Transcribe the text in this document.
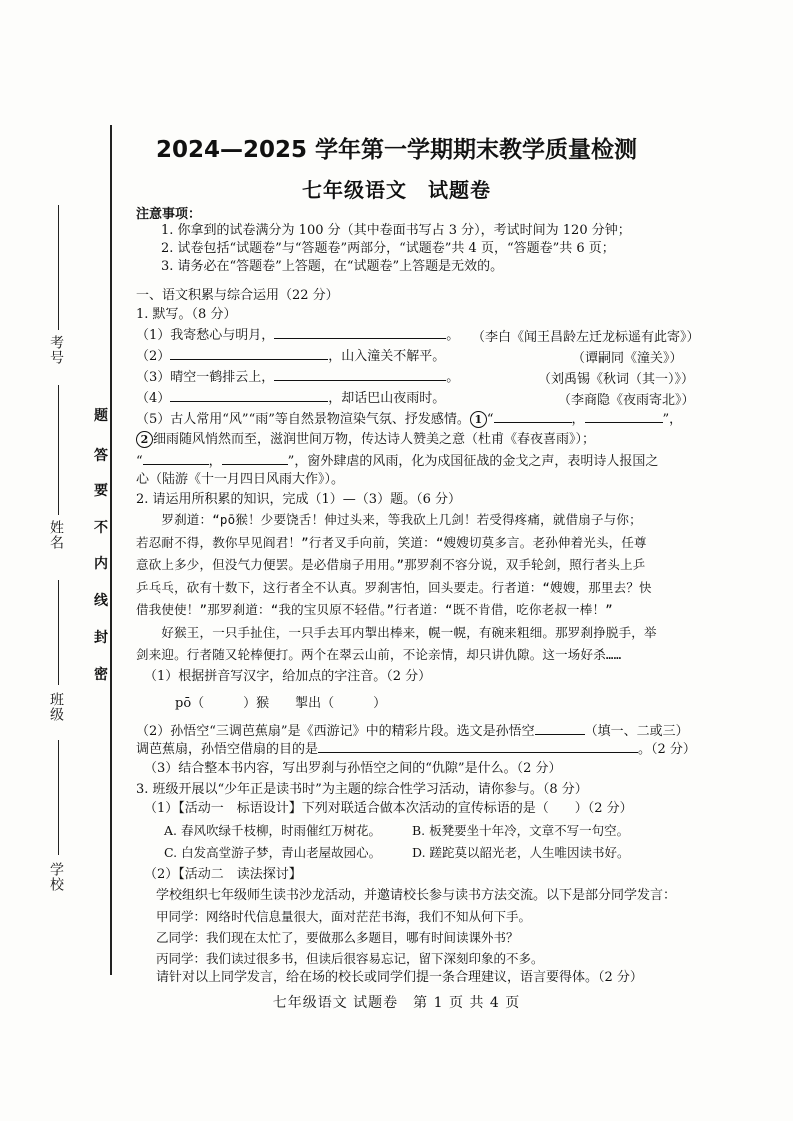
考号
姓名
班级
学校
题
答
要
不
内
线
封
密
2024—2025 学年第一学期期末教学质量检测
七年级语文　试题卷
注意事项：
1. 你拿到的试卷满分为 100 分（其中卷面书写占 3 分），考试时间为 120 分钟；
2. 试卷包括“试题卷”与“答题卷”两部分，“试题卷”共 4 页，“答题卷”共 6 页；
3. 请务必在“答题卷”上答题，在“试题卷”上答题是无效的。
一、语文积累与综合运用（22 分）
1. 默写。（8 分）
（1）我寄愁心与明月，	。 （李白《闻王昌龄左迁龙标遥有此寄》）
（2）	，山入潼关不解平。	（谭嗣同《潼关》）
（3）晴空一鹤排云上，	。	（刘禹锡《秋词（其一）》）
（4）	，却话巴山夜雨时。	（李商隐《夜雨寄北》）
（5）古人常用“风”“雨”等自然景物渲染气氛、抒发感情。 1 “	，	”，
2 细雨随风悄然而至，滋润世间万物，传达诗人赞美之意（杜甫《春夜喜雨》）；
“	，	”，窗外肆虐的风雨，化为戍国征战的金戈之声，表明诗人报国之
心（陆游《十一月四日风雨大作》）。
2. 请运用所积累的知识，完成（1）—（3）题。（6 分）

　　罗刹道：“pō猴！少要饶舌！伸过头来，等我砍上几剑！若受得疼痛，就借扇子与你；

若忍耐不得，教你早见阎君！”行者叉手向前，笑道：“嫂嫂切莫多言。老孙伸着光头，任尊

意砍上多少，但没气力便罢。是必借扇子用用。”那罗刹不容分说，双手轮剑，照行者头上乒

乒乓乓，砍有十数下，这行者全不认真。罗刹害怕，回头要走。行者道：“嫂嫂，那里去？快

借我使使！”那罗刹道：“我的宝贝原不轻借。”行者道：“既不肯借，吃你老叔一棒！”

　　好猴王，一只手扯住，一只手去耳内掣出棒来，幌一幌，有碗来粗细。那罗刹挣脱手，举

剑来迎。行者随又轮棒便打。两个在翠云山前，不论亲情，却只讲仇隙。这一场好杀……

（1）根据拼音写汉字，给加点的字注音。（2 分）
pō（　　　）猴　　掣出（　　　）
（2）孙悟空“三调芭蕉扇”是《西游记》中的精彩片段。选文是孙悟空	（填一、二或三）
调芭蕉扇，孙悟空借扇的目的是	。（2 分）
（3）结合整本书内容，写出罗刹与孙悟空之间的“仇隙”是什么。（2 分）
3. 班级开展以“少年正是读书时”为主题的综合性学习活动，请你参与。（8 分）
（1）【活动一　标语设计】下列对联适合做本次活动的宣传标语的是（　　）（2 分）
A. 春风吹绿千枝柳，时雨催红万树花。 B. 板凳要坐十年冷，文章不写一句空。
C. 白发高堂游子梦，青山老屋故园心。 D. 蹉跎莫以韶光老，人生唯因读书好。
（2）【活动二　读法探讨】
学校组织七年级师生读书沙龙活动，并邀请校长参与读书方法交流。以下是部分同学发言：
甲同学：网络时代信息量很大，面对茫茫书海，我们不知从何下手。
乙同学：我们现在太忙了，要做那么多题目，哪有时间读课外书？
丙同学：我们读过很多书，但读后很容易忘记，留下深刻印象的不多。
请针对以上同学发言，给在场的校长或同学们提一条合理建议，语言要得体。（2 分）
七年级语文 试题卷　第 1 页 共 4 页
